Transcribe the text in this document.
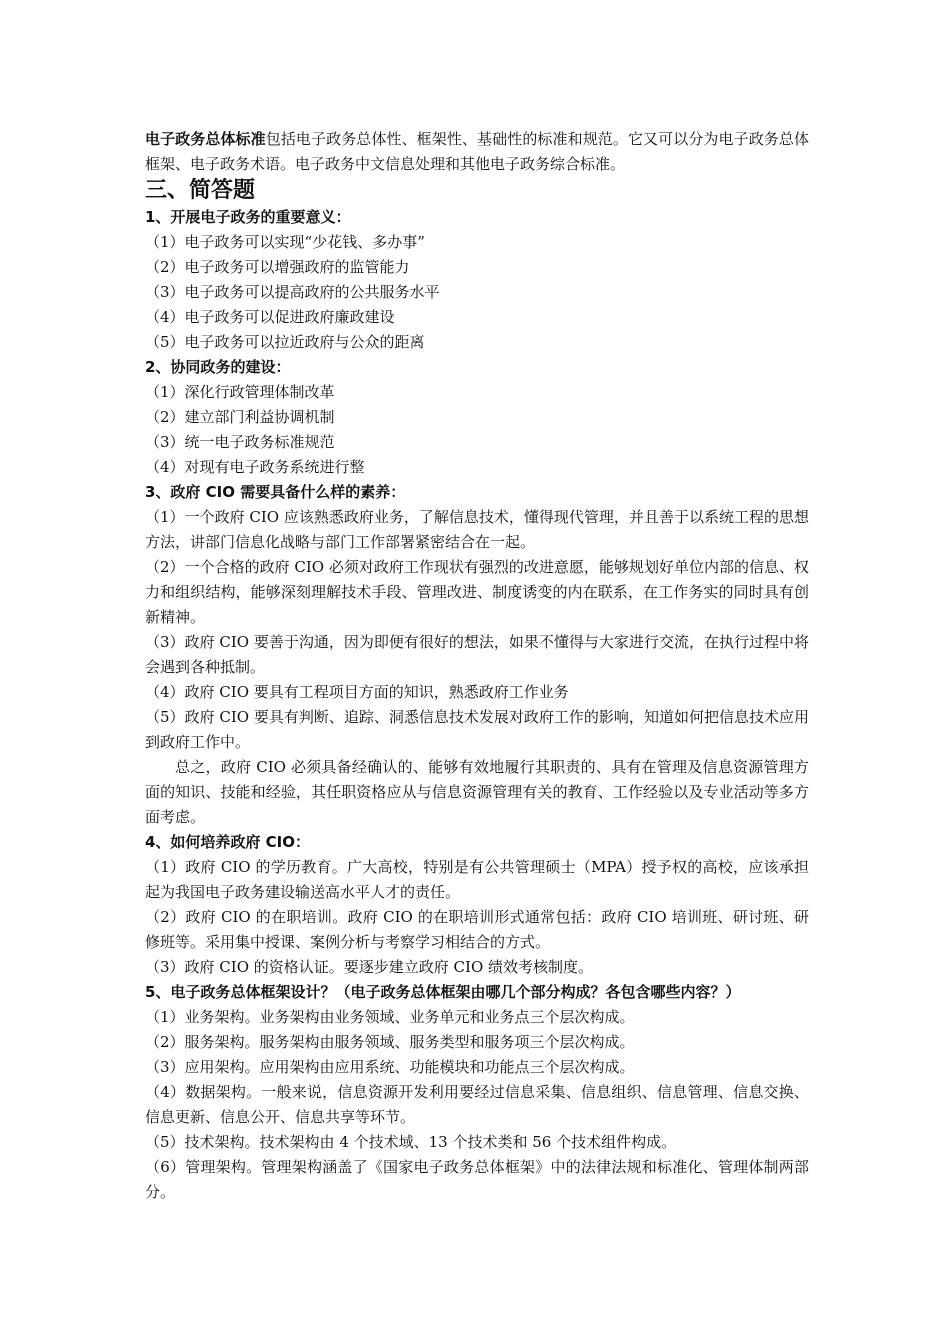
电子政务总体标准包括电子政务总体性、框架性、基础性的标准和规范。它又可以分为电子政务总体框架、电子政务术语。电子政务中文信息处理和其他电子政务综合标准。

三、简答题

1、开展电子政务的重要意义：

（1）电子政务可以实现“少花钱、多办事”

（2）电子政务可以增强政府的监管能力

（3）电子政务可以提高政府的公共服务水平

（4）电子政务可以促进政府廉政建设

（5）电子政务可以拉近政府与公众的距离

2、协同政务的建设：

（1）深化行政管理体制改革

（2）建立部门利益协调机制

（3）统一电子政务标准规范

（4）对现有电子政务系统进行整

3、政府 CIO 需要具备什么样的素养：

（1）一个政府 CIO 应该熟悉政府业务，了解信息技术，懂得现代管理，并且善于以系统工程的思想方法，讲部门信息化战略与部门工作部署紧密结合在一起。

（2）一个合格的政府 CIO 必须对政府工作现状有强烈的改进意愿，能够规划好单位内部的信息、权力和组织结构，能够深刻理解技术手段、管理改进、制度诱变的内在联系，在工作务实的同时具有创新精神。

（3）政府 CIO 要善于沟通，因为即便有很好的想法，如果不懂得与大家进行交流，在执行过程中将会遇到各种抵制。

（4）政府 CIO 要具有工程项目方面的知识，熟悉政府工作业务

（5）政府 CIO 要具有判断、追踪、洞悉信息技术发展对政府工作的影响，知道如何把信息技术应用到政府工作中。

总之，政府 CIO 必须具备经确认的、能够有效地履行其职责的、具有在管理及信息资源管理方面的知识、技能和经验，其任职资格应从与信息资源管理有关的教育、工作经验以及专业活动等多方面考虑。

4、如何培养政府 CIO：

（1）政府 CIO 的学历教育。广大高校，特别是有公共管理硕士（MPA）授予权的高校，应该承担起为我国电子政务建设输送高水平人才的责任。

（2）政府 CIO 的在职培训。政府 CIO 的在职培训形式通常包括：政府 CIO 培训班、研讨班、研修班等。采用集中授课、案例分析与考察学习相结合的方式。

（3）政府 CIO 的资格认证。要逐步建立政府 CIO 绩效考核制度。

5、电子政务总体框架设计？（电子政务总体框架由哪几个部分构成？各包含哪些内容？）

（1）业务架构。业务架构由业务领域、业务单元和业务点三个层次构成。

（2）服务架构。服务架构由服务领域、服务类型和服务项三个层次构成。

（3）应用架构。应用架构由应用系统、功能模块和功能点三个层次构成。

（4）数据架构。一般来说，信息资源开发利用要经过信息采集、信息组织、信息管理、信息交换、信息更新、信息公开、信息共享等环节。

（5）技术架构。技术架构由 4 个技术域、13 个技术类和 56 个技术组件构成。

（6）管理架构。管理架构涵盖了《国家电子政务总体框架》中的法律法规和标准化、管理体制两部分。
